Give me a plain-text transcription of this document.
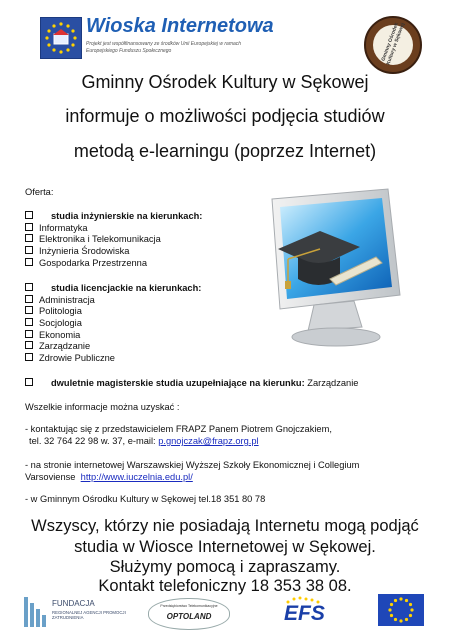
Wioska Internetowa
Projekt jest współfinansowany ze środków Unii Europejskiej w ramach Europejskiego Funduszu Społecznego	Gminny Ośrodek Kultury w Sękowej
Gminny Ośrodek Kultury w Sękowej
informuje o możliwości podjęcia studiów
metodą e-learningu (poprzez Internet)
Oferta:
studia inżynierskie na kierunkach:
Informatyka
Elektronika i Telekomunikacja
Inżynieria Środowiska
Gospodarka Przestrzenna
studia licencjackie na kierunkach:
Administracja
Politologia
Socjologia
Ekonomia
Zarządzanie
Zdrowie Publiczne
dwuletnie magisterskie studia uzupełniające na kierunku: Zarządzanie
Wszelkie informacje można uzyskać :
- kontaktując się z przedstawicielem FRAPZ Panem Piotrem Gnojczakiem,
tel. 32 764 22 98 w. 37, e-mail: p.gnojczak@frapz.org.pl
- na stronie internetowej Warszawskiej Wyższej Szkoły Ekonomicznej i Collegium
Varsoviense http://www.iuczelnia.edu.pl/
- w Gminnym Ośrodku Kultury w Sękowej tel.18 351 80 78
Wszyscy, którzy nie posiadają Internetu mogą podjąć
studia w Wiosce Internetowej w Sękowej.
Służymy pomocą i zapraszamy.
Kontakt telefoniczny 18 353 38 08.
FUNDACJA
REGIONALNEJ AGENCJI PROMOCJI ZATRUDNIENIA
Przedsiębiorstwo Telekomunikacyjne
OPTOLAND	EFS
